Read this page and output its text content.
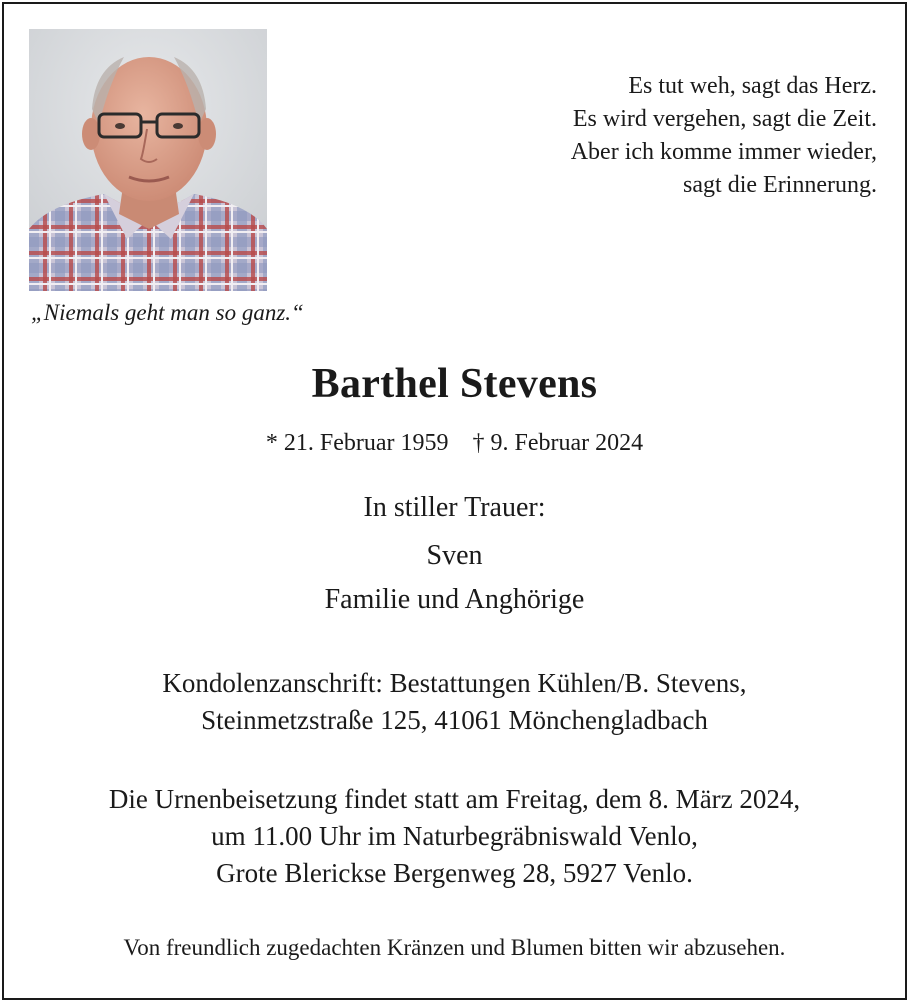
Es tut weh, sagt das Herz.
Es wird vergehen, sagt die Zeit.
Aber ich komme immer wieder,
sagt die Erinnerung.
„Niemals geht man so ganz.“
Barthel Stevens
* 21. Februar 1959 † 9. Februar 2024
In stiller Trauer:
Sven
Familie und Anghörige
Kondolenzanschrift: Bestattungen Kühlen/B. Stevens,
Steinmetzstraße 125, 41061 Mönchengladbach
Die Urnenbeisetzung findet statt am Freitag, dem 8. März 2024,
um 11.00 Uhr im Naturbegräbniswald Venlo,
Grote Blerickse Bergenweg 28, 5927 Venlo.
Von freundlich zugedachten Kränzen und Blumen bitten wir abzusehen.
